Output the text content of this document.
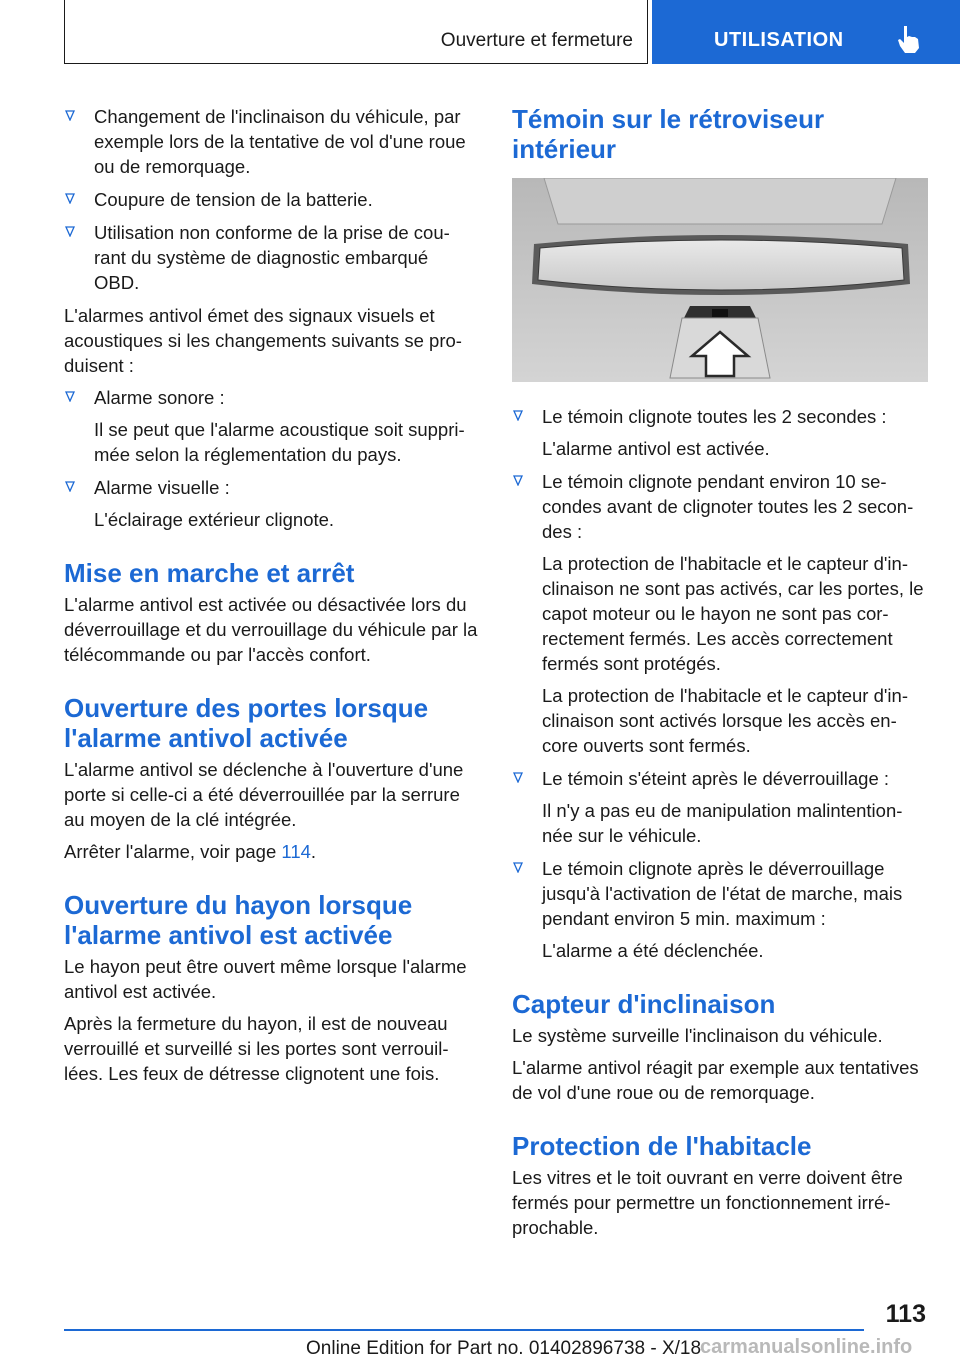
Ouverture et fermeture	UTILISATION

Changement de l'inclinaison du véhicule, par exemple lors de la tentative de vol d'une roue ou de remorquage.

Coupure de tension de la batterie.

Utilisation non conforme de la prise de cou‐rant du système de diagnostic embarqué OBD.

L'alarmes antivol émet des signaux visuels et acoustiques si les changements suivants se pro‐duisent :

Alarme sonore :

Il se peut que l'alarme acoustique soit suppri‐mée selon la réglementation du pays.

Alarme visuelle :

L'éclairage extérieur clignote.

Mise en marche et arrêt

L'alarme antivol est activée ou désactivée lors du déverrouillage et du verrouillage du véhicule par la télécommande ou par l'accès confort.

Ouverture des portes lorsque l'alarme antivol activée

L'alarme antivol se déclenche à l'ouverture d'une porte si celle-ci a été déverrouillée par la serrure au moyen de la clé intégrée.

Arrêter l'alarme, voir page 114.

Ouverture du hayon lorsque l'alarme antivol est activée

Le hayon peut être ouvert même lorsque l'alarme antivol est activée.

Après la fermeture du hayon, il est de nouveau verrouillé et surveillé si les portes sont verrouil‐lées. Les feux de détresse clignotent une fois.

Témoin sur le rétroviseur intérieur

Le témoin clignote toutes les 2 secondes :

L'alarme antivol est activée.

Le témoin clignote pendant environ 10 se‐condes avant de clignoter toutes les 2 secon‐des :

La protection de l'habitacle et le capteur d'in‐clinaison ne sont pas activés, car les portes, le capot moteur ou le hayon ne sont pas cor‐rectement fermés. Les accès correctement fermés sont protégés.

La protection de l'habitacle et le capteur d'in‐clinaison sont activés lorsque les accès en‐core ouverts sont fermés.

Le témoin s'éteint après le déverrouillage :

Il n'y a pas eu de manipulation malintention‐née sur le véhicule.

Le témoin clignote après le déverrouillage jusqu'à l'activation de l'état de marche, mais pendant environ 5 min. maximum :

L'alarme a été déclenchée.

Capteur d'inclinaison

Le système surveille l'inclinaison du véhicule.

L'alarme antivol réagit par exemple aux tentatives de vol d'une roue ou de remorquage.

Protection de l'habitacle

Les vitres et le toit ouvrant en verre doivent être fermés pour permettre un fonctionnement irré‐prochable.

113
Online Edition for Part no. 01402896738 - X/18
carmanualsonline.info
